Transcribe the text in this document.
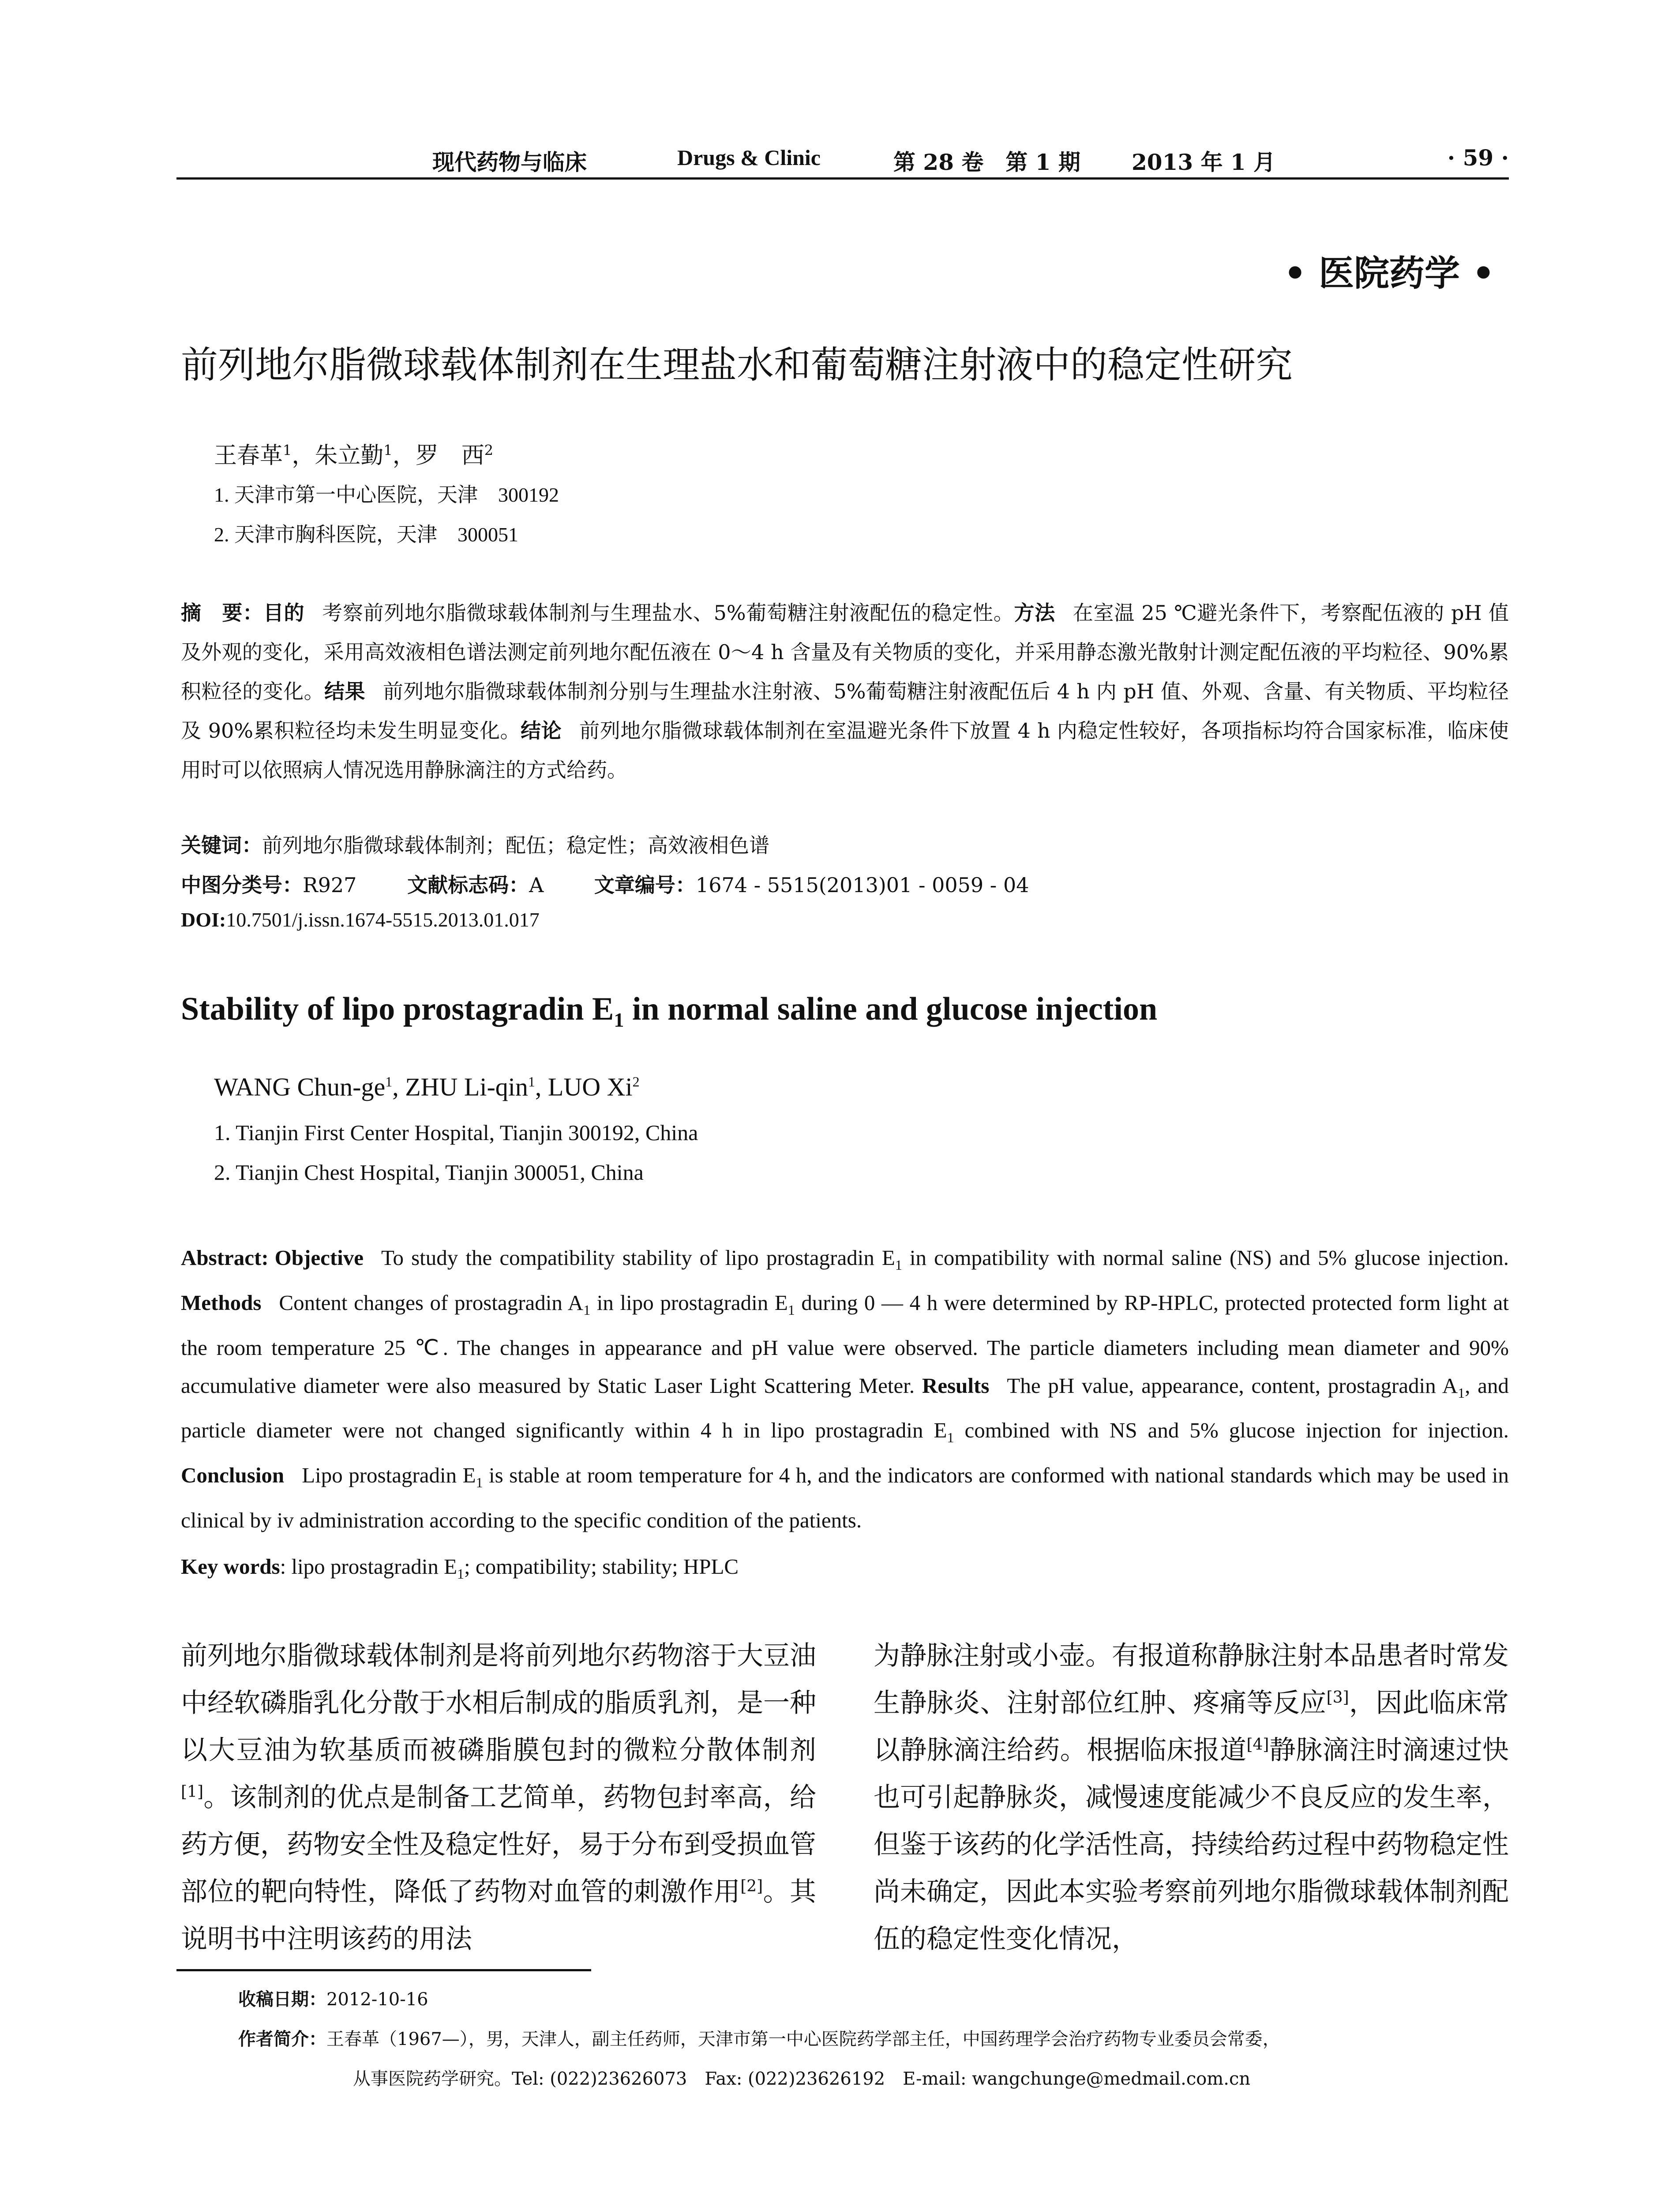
现代药物与临床	Drugs & Clinic	第 28 卷　第 1 期 2013 年 1 月	· 59 ·
• 医院药学 •
前列地尔脂微球载体制剂在生理盐水和葡萄糖注射液中的稳定性研究
王春革$^1$，朱立勤$^1$，罗　西$^2$
1. 天津市第一中心医院，天津　300192
2. 天津市胸科医院，天津　300051
摘　要：目的 考察前列地尔脂微球载体制剂与生理盐水、5%葡萄糖注射液配伍的稳定性。方法 在室温 25 ℃避光条件下，考察配伍液的 pH 值及外观的变化，采用高效液相色谱法测定前列地尔配伍液在 0～4 h 含量及有关物质的变化，并采用静态激光散射计测定配伍液的平均粒径、90%累积粒径的变化。结果 前列地尔脂微球载体制剂分别与生理盐水注射液、5%葡萄糖注射液配伍后 4 h 内 pH 值、外观、含量、有关物质、平均粒径及 90%累积粒径均未发生明显变化。结论 前列地尔脂微球载体制剂在室温避光条件下放置 4 h 内稳定性较好，各项指标均符合国家标准，临床使用时可以依照病人情况选用静脉滴注的方式给药。
关键词：前列地尔脂微球载体制剂；配伍；稳定性；高效液相色谱
中图分类号：R927 文献标志码：A 文章编号：1674 - 5515(2013)01 - 0059 - 04
DOI:10.7501/j.issn.1674-5515.2013.01.017
Stability of lipo prostagradin $E_1$ in normal saline and glucose injection
WANG Chun-$ge^1$, ZHU Li-qin$^1$, LUO Xi$^2$
1. Tianjin First Center Hospital, Tianjin 300192, China
2. Tianjin Chest Hospital, Tianjin 300051, China
Abstract: Objective To study the compatibility stability of lipo prostagradin $E_1$ in compatibility with normal saline (NS) and 5% glucose injection. Methods Content changes of prostagradin $A_1$ in lipo prostagradin $E_1$ during 0 — 4 h were determined by RP-HPLC, protected protected form light at the room temperature 25 ℃. The changes in appearance and pH value were observed. The particle diameters including mean diameter and 90% accumulative diameter were also measured by Static Laser Light Scattering Meter. Results The pH value, appearance, content, prostagradin $A_1$, and particle diameter were not changed significantly within 4 h in lipo prostagradin $E_1$ combined with NS and 5% glucose injection for injection. Conclusion Lipo prostagradin $E_1$ is stable at room temperature for 4 h, and the indicators are conformed with national standards which may be used in clinical by iv administration according to the specific condition of the patients.
Key words: lipo prostagradin $E_1$; compatibility; stability; HPLC
前列地尔脂微球载体制剂是将前列地尔药物溶于大豆油中经软磷脂乳化分散于水相后制成的脂质乳剂，是一种以大豆油为软基质而被磷脂膜包封的微粒分散体制剂[1]。该制剂的优点是制备工艺简单，药物包封率高，给药方便，药物安全性及稳定性好，易于分布到受损血管部位的靶向特性，降低了药物对血管的刺激作用[2]。其说明书中注明该药的用法
为静脉注射或小壶。有报道称静脉注射本品患者时常发生静脉炎、注射部位红肿、疼痛等反应[3]，因此临床常以静脉滴注给药。根据临床报道[4]静脉滴注时滴速过快也可引起静脉炎，减慢速度能减少不良反应的发生率，但鉴于该药的化学活性高，持续给药过程中药物稳定性尚未确定，因此本实验考察前列地尔脂微球载体制剂配伍的稳定性变化情况，
收稿日期：2012-10-16
作者简介：王春革（1967—），男，天津人，副主任药师，天津市第一中心医院药学部主任，中国药理学会治疗药物专业委员会常委，
从事医院药学研究。Tel: (022)23626073　Fax: (022)23626192　E-mail: wangchunge@medmail.com.cn
